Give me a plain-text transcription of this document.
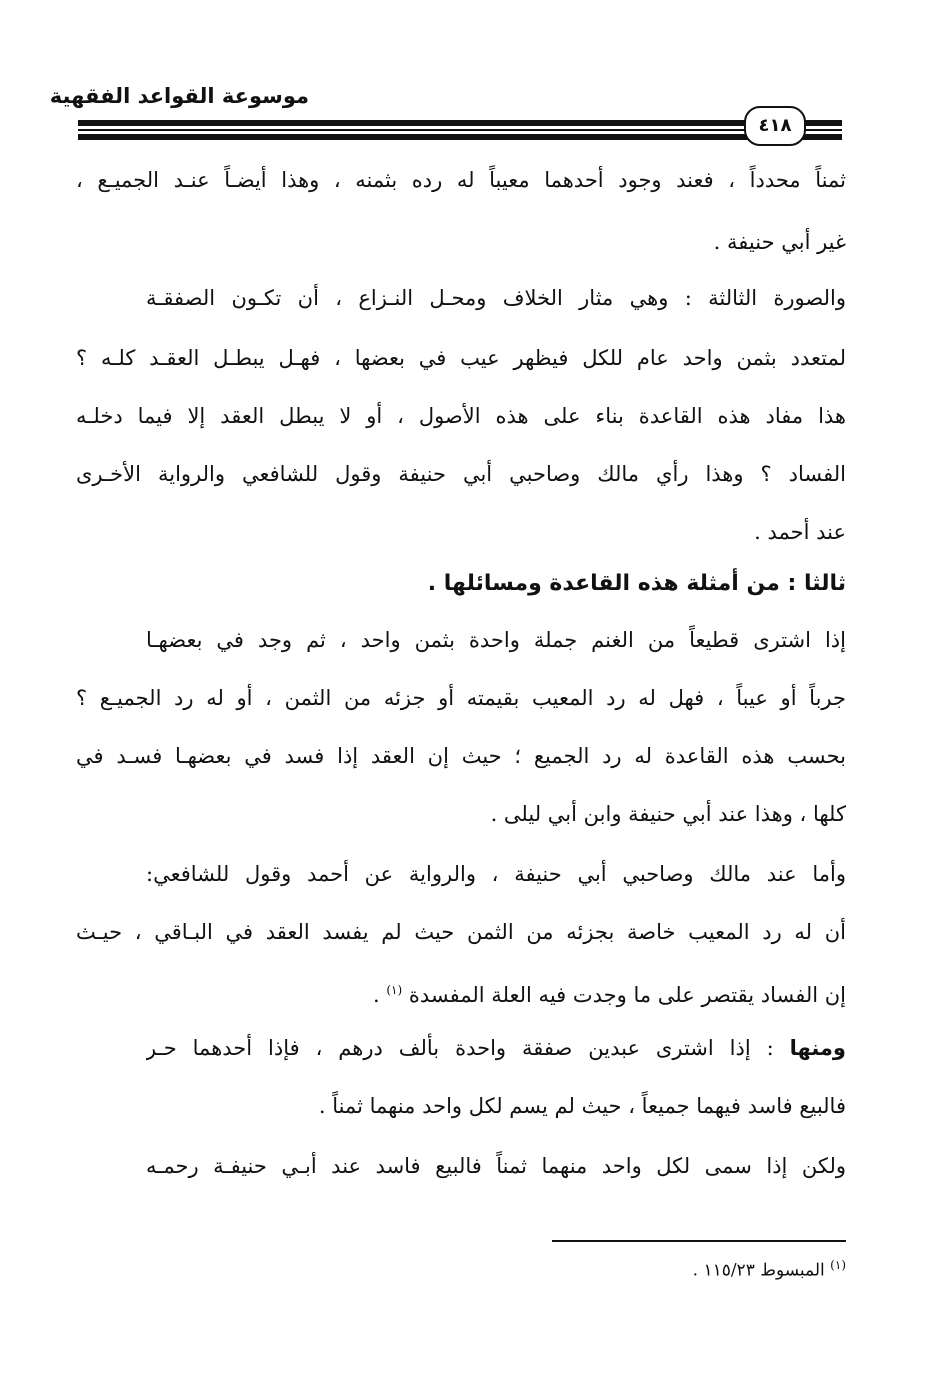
موسوعة القواعد الفقهية
٤١٨
ثمناً محدداً ، فعند وجود أحدهما معيباً له رده بثمنه ، وهذا أيضـاً عنـد الجميـع ،
غير أبي حنيفة .
والصورة الثالثة : وهي مثار الخلاف ومحـل النـزاع ، أن تكـون الصفقـة
لمتعدد بثمن واحد عام للكل فيظهر عيب في بعضها ، فهـل يبطـل العقـد كلـه ؟
هذا مفاد هذه القاعدة بناء على هذه الأصول ، أو لا يبطل العقد إلا فيما دخلـه
الفساد ؟ وهذا رأي مالك وصاحبي أبي حنيفة وقول للشافعي والرواية الأخـرى
عند أحمد .
ثالثا : من أمثلة هذه القاعدة ومسائلها .
إذا اشترى قطيعاً من الغنم جملة واحدة بثمن واحد ، ثم وجد في بعضهـا
جرباً أو عيباً ، فهل له رد المعيب بقيمته أو جزئه من الثمن ، أو له رد الجميـع ؟
بحسب هذه القاعدة له رد الجميع ؛ حيث إن العقد إذا فسد في بعضهـا فسـد في
كلها ، وهذا عند أبي حنيفة وابن أبي ليلى .
وأما عند مالك وصاحبي أبي حنيفة ، والرواية عن أحمد وقول للشافعي:
أن له رد المعيب خاصة بجزئه من الثمن حيث لم يفسد العقد في البـاقي ، حيـث
إن الفساد يقتصر على ما وجدت فيه العلة المفسدة $^{(١)}$ .
ومنها : إذا اشترى عبدين صفقة واحدة بألف درهم ، فإذا أحدهما حـر
فالبيع فاسد فيهما جميعاً ، حيث لم يسم لكل واحد منهما ثمناً .
ولكن إذا سمى لكل واحد منهما ثمناً فالبيع فاسد عند أبـي حنيفـة رحمـه
$^{(١)}$ المبسوط ١١٥/٢٣ .
